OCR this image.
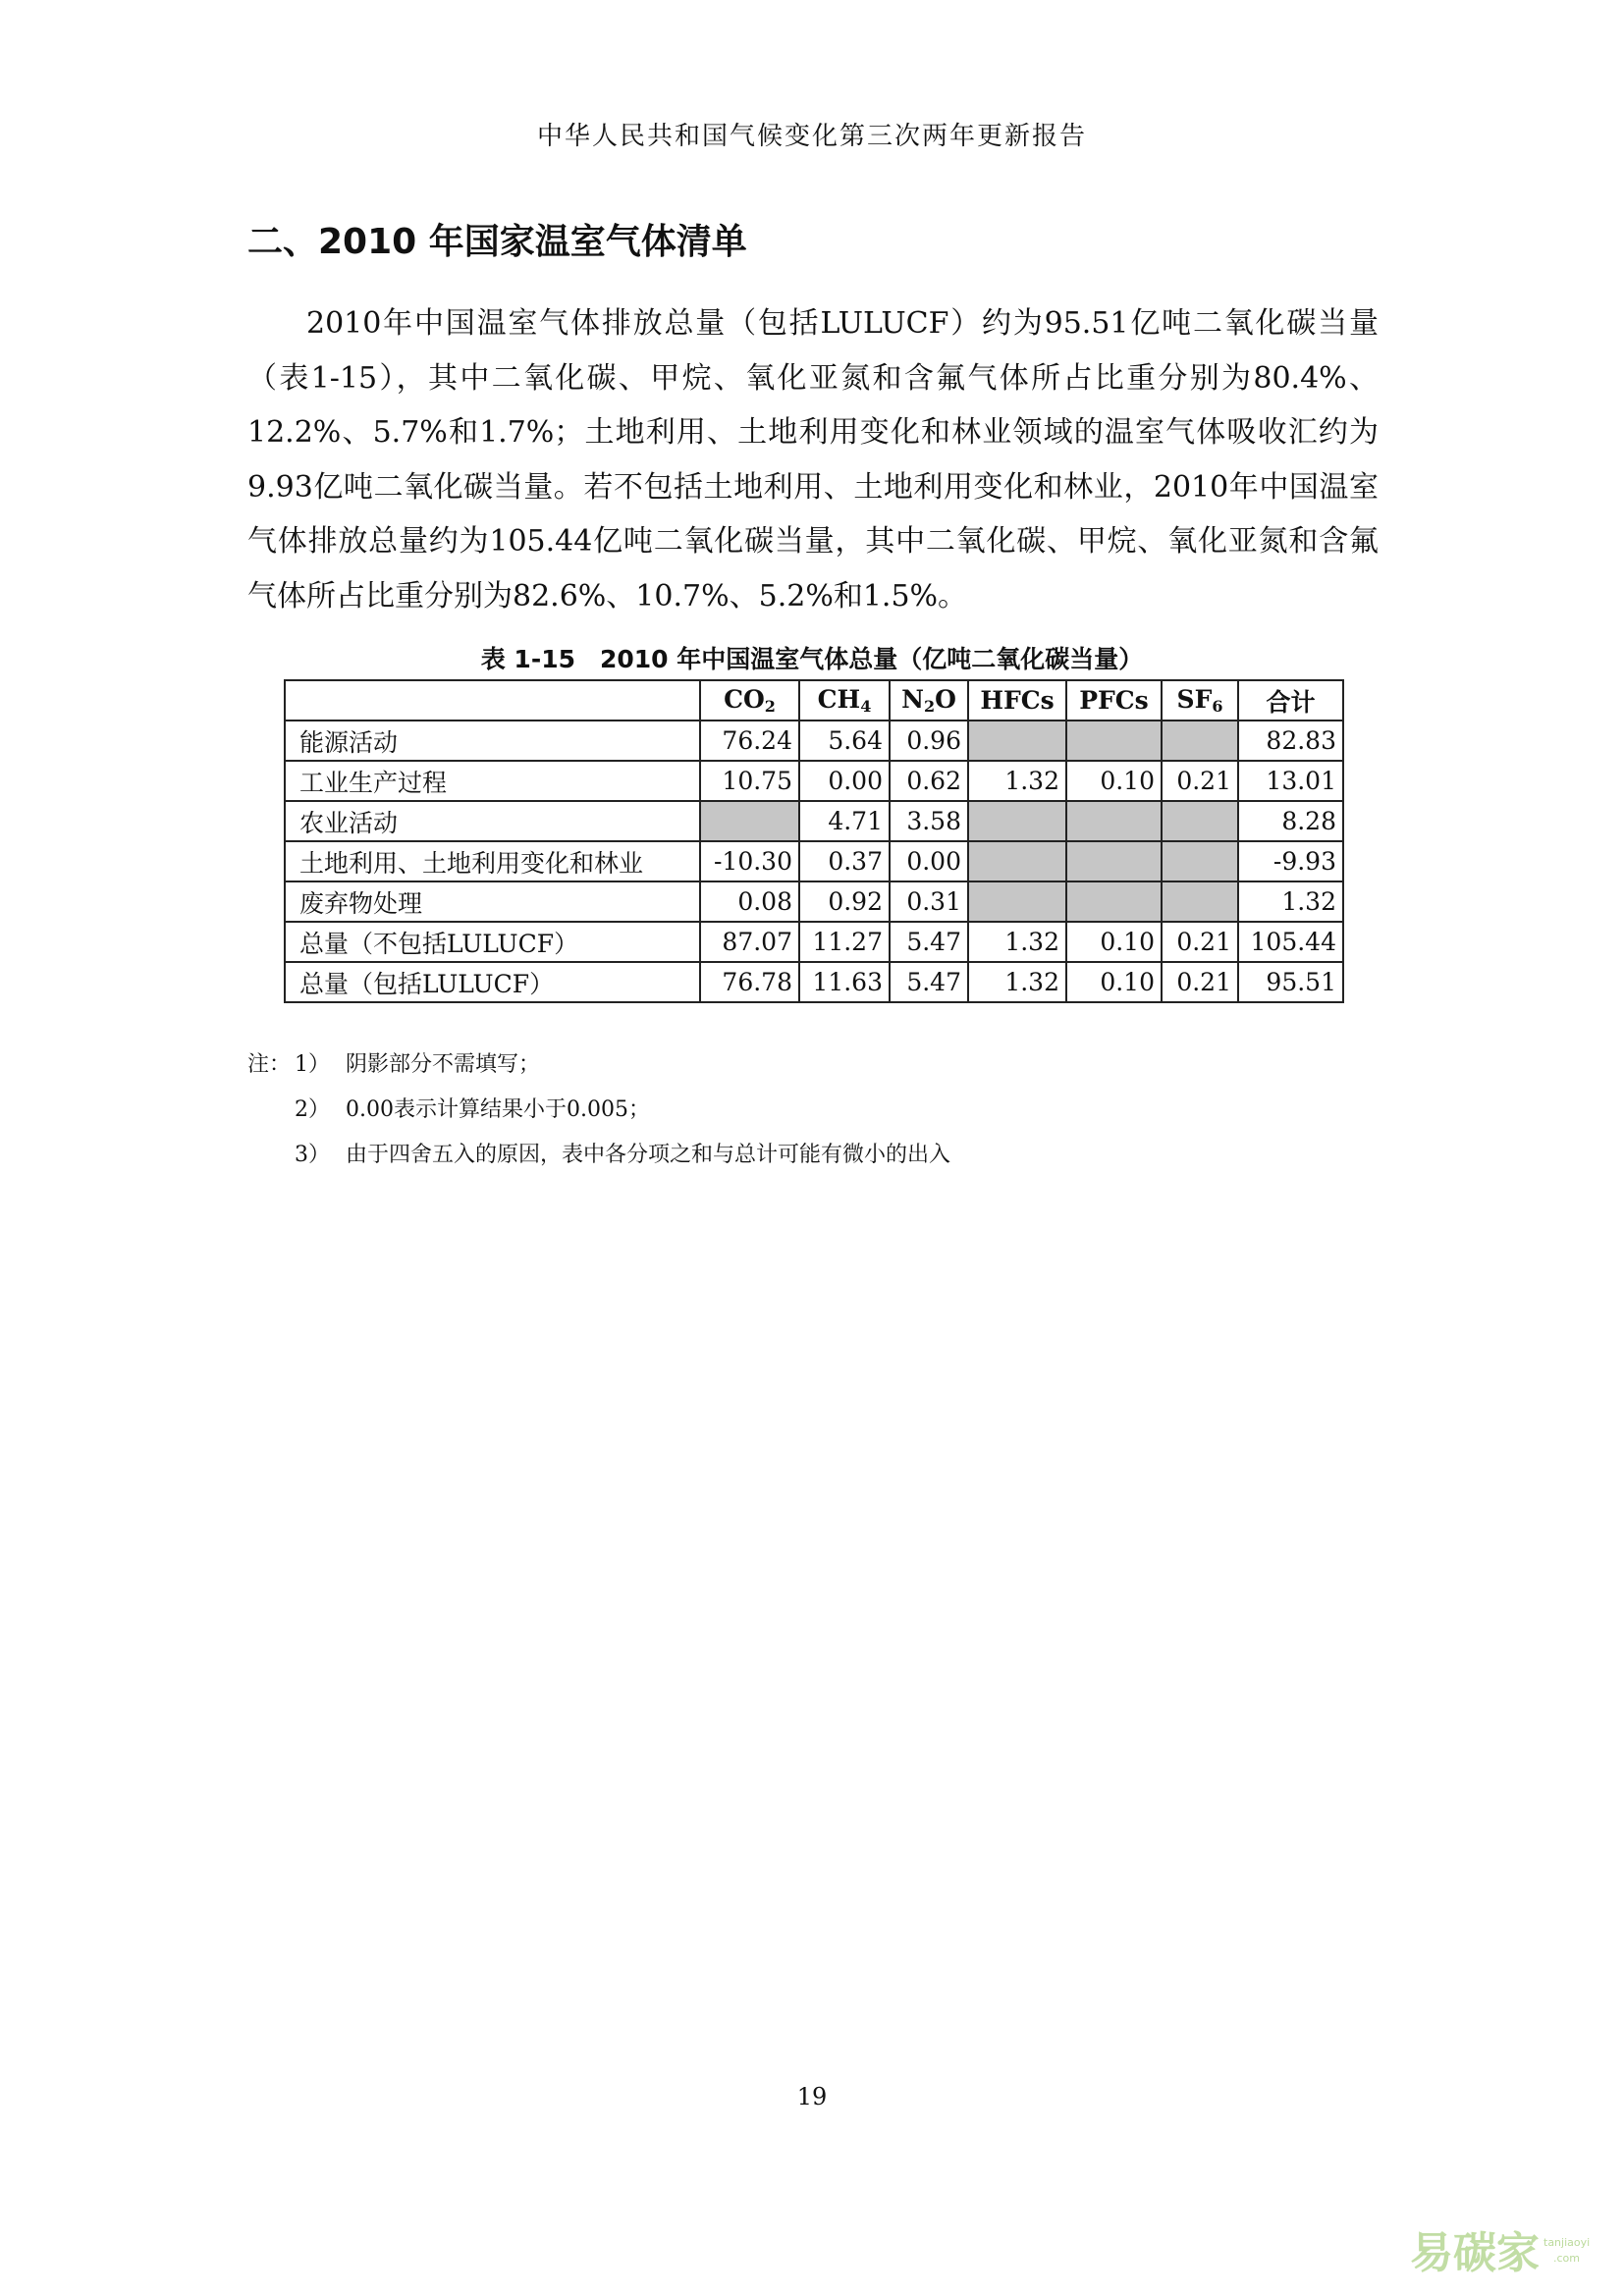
中华人民共和国气候变化第三次两年更新报告
二、2010 年国家温室气体清单

2010年中国温室气体排放总量（包括LULUCF）约为95.51亿吨二氧化碳当量（表1-15），其中二氧化碳、甲烷、氧化亚氮和含氟气体所占比重分别为80.4%、12.2%、5.7%和1.7%；土地利用、土地利用变化和林业领域的温室气体吸收汇约为9.93亿吨二氧化碳当量。若不包括土地利用、土地利用变化和林业，2010年中国温室气体排放总量约为105.44亿吨二氧化碳当量，其中二氧化碳、甲烷、氧化亚氮和含氟气体所占比重分别为82.6%、10.7%、5.2%和1.5%。

表 1-15　2010 年中国温室气体总量（亿吨二氧化碳当量）
	$CO_2$	$CH_4$	$N_2O$	HFCs	PFCs	$SF_6$	合计
能源活动	76.24	5.64	0.96				82.83
工业生产过程	10.75	0.00	0.62	1.32	0.10	0.21	13.01
农业活动		4.71	3.58				8.28
土地利用、土地利用变化和林业	-10.30	0.37	0.00				-9.93
废弃物处理	0.08	0.92	0.31				1.32
总量（不包括LULUCF）	87.07	11.27	5.47	1.32	0.10	0.21	105.44
总量（包括LULUCF）	76.78	11.63	5.47	1.32	0.10	0.21	95.51
注： 1） 阴影部分不需填写；
2） 0.00表示计算结果小于0.005；
3） 由于四舍五入的原因，表中各分项之和与总计可能有微小的出入
19
易碳家 tanjiaoyi
.com
